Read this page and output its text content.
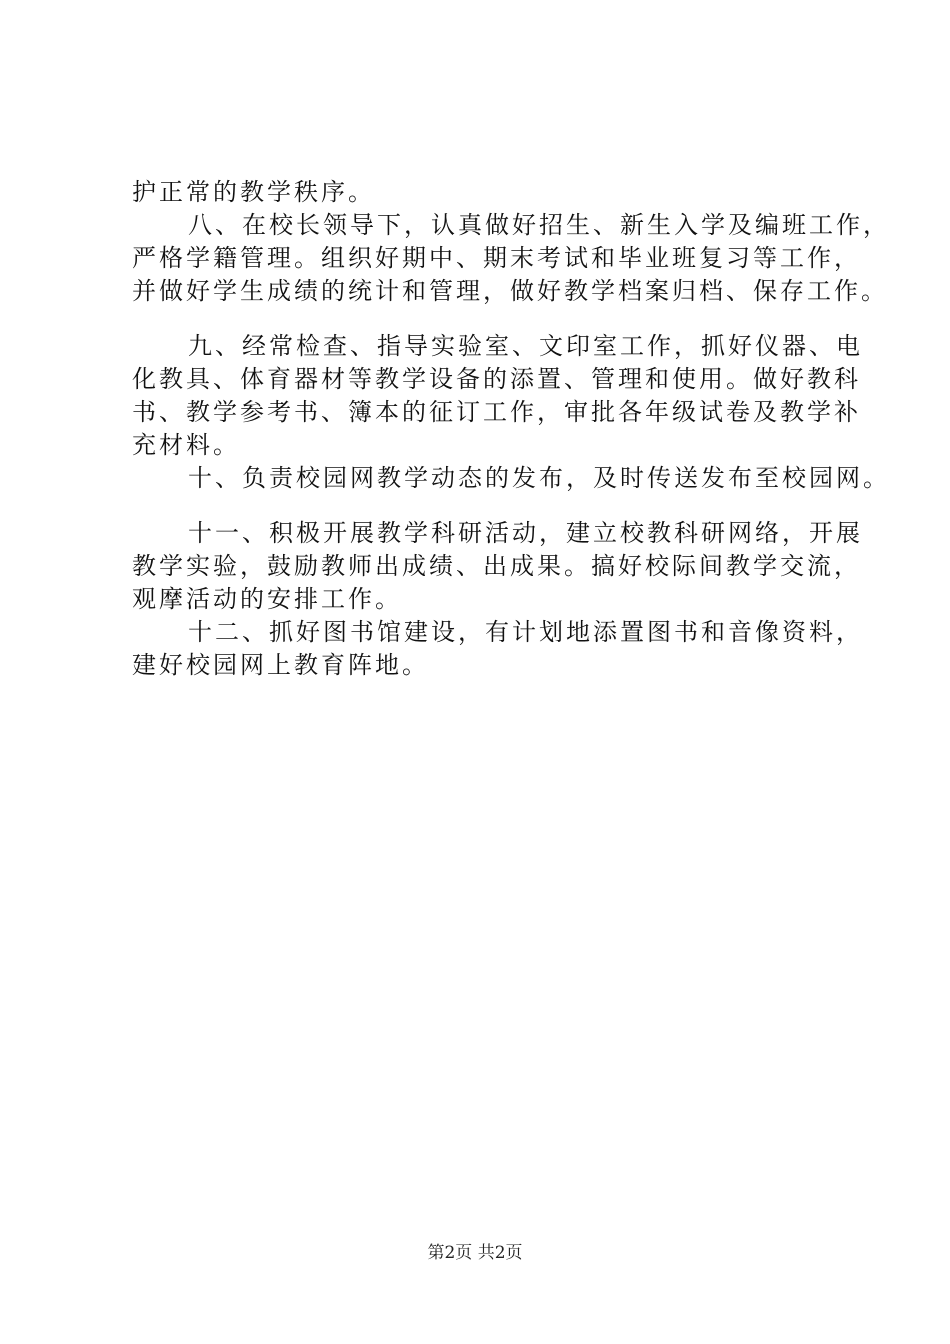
护正常的教学秩序。
八、在校长领导下，认真做好招生、新生入学及编班工作，
严格学籍管理。组织好期中、期末考试和毕业班复习等工作，
并做好学生成绩的统计和管理，做好教学档案归档、保存工作。
九、经常检查、指导实验室、文印室工作，抓好仪器、电
化教具、体育器材等教学设备的添置、管理和使用。做好教科
书、教学参考书、簿本的征订工作，审批各年级试卷及教学补
充材料。
十、负责校园网教学动态的发布，及时传送发布至校园网。
十一、积极开展教学科研活动，建立校教科研网络，开展
教学实验，鼓励教师出成绩、出成果。搞好校际间教学交流，
观摩活动的安排工作。
十二、抓好图书馆建设，有计划地添置图书和音像资料，
建好校园网上教育阵地。
第2页 共2页
